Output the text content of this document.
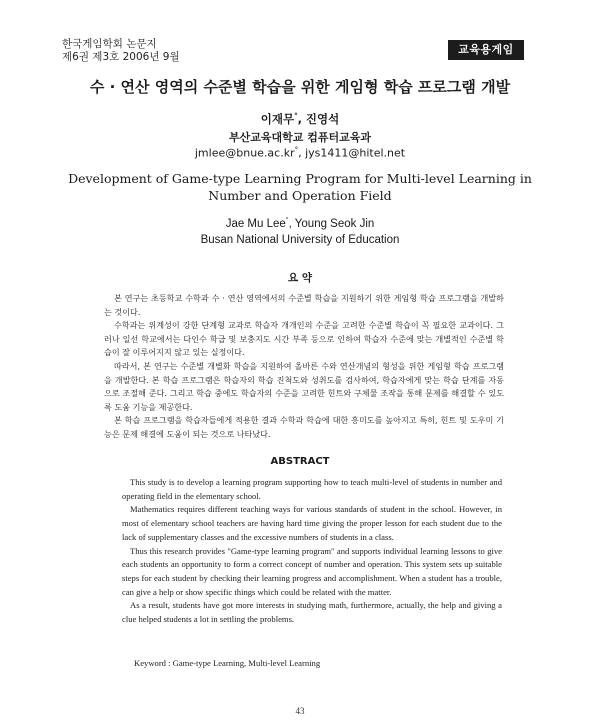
한국게임학회 논문지
제6권 제3호 2006년 9월
교육용게임
수 · 연산 영역의 수준별 학습을 위한 게임형 학습 프로그램 개발
이재무°, 진영석
부산교육대학교 컴퓨터교육과
jmlee@bnue.ac.kr°, jys1411@hitel.net
Development of Game-type Learning Program for Multi-level Learning in
Number and Operation Field
Jae Mu Lee°, Young Seok Jin
Busan National University of Education
요 약

본 연구는 초등학교 수학과 수 · 연산 영역에서의 수준별 학습을 지원하기 위한 게임형 학습 프로그램을 개발하는 것이다.

수학과는 위계성이 강한 단계형 교과로 학습자 개개인의 수준을 고려한 수준별 학습이 꼭 필요한 교과이다. 그러나 일선 학교에서는 다인수 학급 및 보충지도 시간 부족 등으로 인하여 학습자 수준에 맞는 개별적인 수준별 학습이 잘 이루어지지 않고 있는 실정이다.

따라서, 본 연구는 수준별 개별화 학습을 지원하여 올바른 수와 연산개념의 형성을 위한 게임형 학습 프로그램을 개발한다. 본 학습 프로그램은 학습자의 학습 진척도와 성취도를 검사하여, 학습자에게 맞는 학습 단계를 자동으로 조절해 준다. 그리고 학습 중에도 학습자의 수준을 고려한 힌트와 구체물 조작을 통해 문제를 해결할 수 있도록 도움 기능을 제공한다.

본 학습 프로그램을 학습자들에게 적용한 결과 수학과 학습에 대한 흥미도를 높아지고 특히, 힌트 및 도우미 기능은 문제 해결에 도움이 되는 것으로 나타났다.

ABSTRACT

This study is to develop a learning program supporting how to teach multi-level of students in number and operating field in the elementary school.

Mathematics requires different teaching ways for various standards of student in the school. However, in most of elementary school teachers are having hard time giving the proper lesson for each student due to the lack of supplementary classes and the excessive numbers of students in a class.

Thus this research provides "Game-type learning program" and supports individual learning lessons to give each students an opportunity to form a correct concept of number and operation. This system sets up suitable steps for each student by checking their learning progress and accomplishment. When a student has a trouble, can give a help or show specific things which could be related with the matter.

As a result, students have got more interests in studying math, furthermore, actually, the help and giving a clue helped students a lot in settling the problems.

Keyword : Game-type Learning, Multi-level Learning
43
